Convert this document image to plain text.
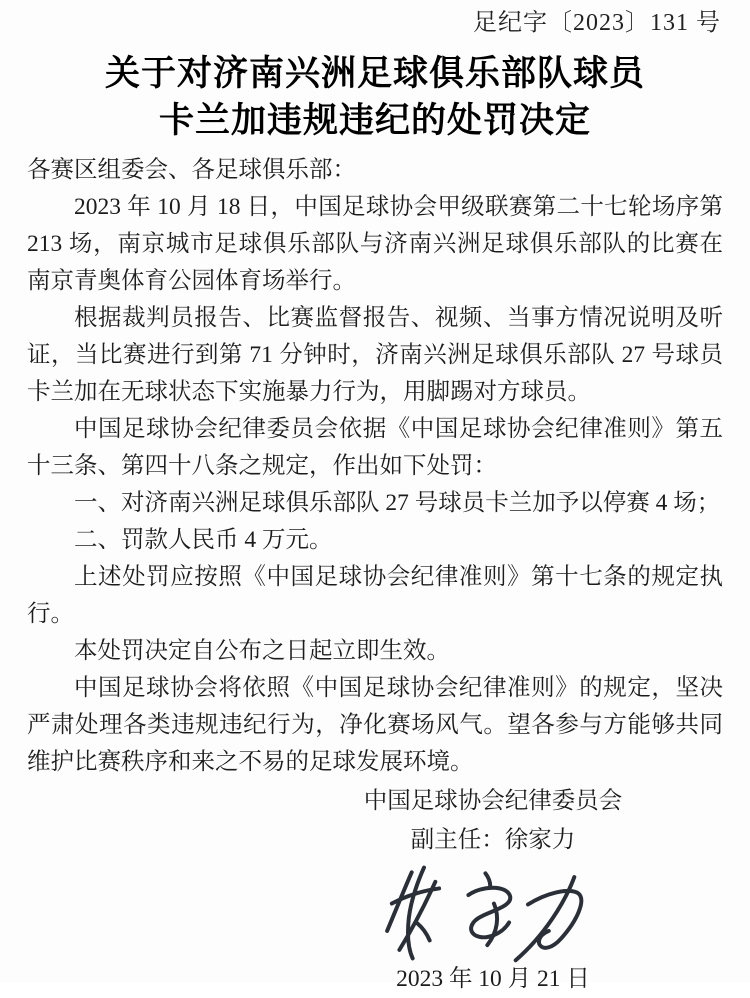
足纪字〔2023〕131 号
关于对济南兴洲足球俱乐部队球员
卡兰加违规违纪的处罚决定

各赛区组委会、各足球俱乐部：

2023 年 10 月 18 日，中国足球协会甲级联赛第二十七轮场序第 213 场，南京城市足球俱乐部队与济南兴洲足球俱乐部队的比赛在南京青奥体育公园体育场举行。

根据裁判员报告、比赛监督报告、视频、当事方情况说明及听证，当比赛进行到第 71 分钟时，济南兴洲足球俱乐部队 27 号球员卡兰加在无球状态下实施暴力行为，用脚踢对方球员。

中国足球协会纪律委员会依据《中国足球协会纪律准则》第五十三条、第四十八条之规定，作出如下处罚：

一、对济南兴洲足球俱乐部队 27 号球员卡兰加予以停赛 4 场；

二、罚款人民币 4 万元。

上述处罚应按照《中国足球协会纪律准则》第十七条的规定执行。

本处罚决定自公布之日起立即生效。

中国足球协会将依照《中国足球协会纪律准则》的规定，坚决严肃处理各类违规违纪行为，净化赛场风气。望各参与方能够共同维护比赛秩序和来之不易的足球发展环境。

中国足球协会纪律委员会
副主任：徐家力
2023 年 10 月 21 日
